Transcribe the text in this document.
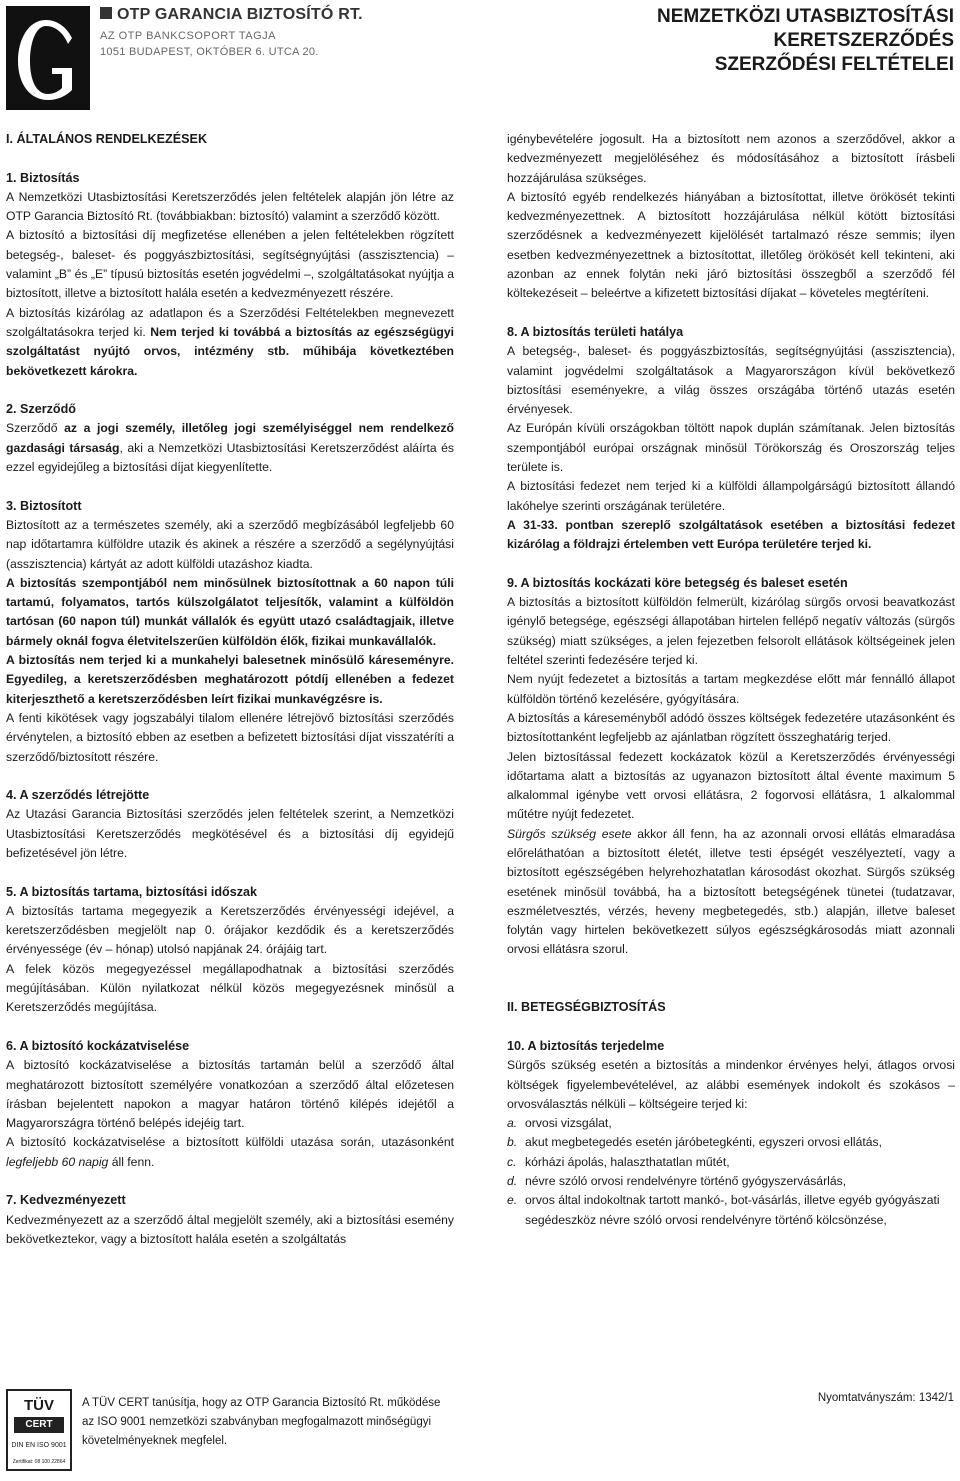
OTP GARANCIA BIZTOSÍTÓ RT.
AZ OTP BANKCSOPORT TAGJA
1051 BUDAPEST, OKTÓBER 6. UTCA 20.
NEMZETKÖZI UTASBIZTOSÍTÁSI
KERETSZERZŐDÉS
SZERZŐDÉSI FELTÉTELEI
I. ÁLTALÁNOS RENDELKEZÉSEK
1. Biztosítás

A Nemzetközi Utasbiztosítási Keretszerződés jelen feltételek alapján jön létre az OTP Garancia Biztosító Rt. (továbbiakban: biztosító) valamint a szerződő között.

A biztosító a biztosítási díj megfizetése ellenében a jelen feltételekben rögzített betegség-, baleset- és poggyászbiztosítási, segítségnyújtási (asszisztencia) – valamint „B” és „E” típusú biztosítás esetén jogvédelmi –, szolgáltatásokat nyújtja a biztosított, illetve a biztosított halála esetén a kedvezményezett részére.

A biztosítás kizárólag az adatlapon és a Szerződési Feltételekben megnevezett szolgáltatásokra terjed ki. Nem terjed ki továbbá a biztosítás az egészségügyi szolgáltatást nyújtó orvos, intézmény stb. műhibája következtében bekövetkezett károkra.

2. Szerződő

Szerződő az a jogi személy, illetőleg jogi személyiséggel nem rendelkező gazdasági társaság, aki a Nemzetközi Utasbiztosítási Keretszerződést aláírta és ezzel egyidejűleg a biztosítási díjat kiegyenlítette.

3. Biztosított

Biztosított az a természetes személy, aki a szerződő megbízásából legfeljebb 60 nap időtartamra külföldre utazik és akinek a részére a szerződő a segélynyújtási (asszisztencia) kártyát az adott külföldi utazáshoz kiadta.

A biztosítás szempontjából nem minősülnek biztosítottnak a 60 napon túli tartamú, folyamatos, tartós külszolgálatot teljesítők, valamint a külföldön tartósan (60 napon túl) munkát vállalók és együtt utazó családtagjaik, illetve bármely oknál fogva életvitelszerűen külföldön élők, fizikai munkavállalók.

A biztosítás nem terjed ki a munkahelyi balesetnek minősülő káreseményre. Egyedileg, a keretszerződésben meghatározott pótdíj ellenében a fedezet kiterjeszthető a keretszerződésben leírt fizikai munkavégzésre is.

A fenti kikötések vagy jogszabályi tilalom ellenére létrejövő biztosítási szerződés érvénytelen, a biztosító ebben az esetben a befizetett biztosítási díjat visszatéríti a szerződő/biztosított részére.

4. A szerződés létrejötte

Az Utazási Garancia Biztosítási szerződés jelen feltételek szerint, a Nemzetközi Utasbiztosítási Keretszerződés megkötésével és a biztosítási díj egyidejű befizetésével jön létre.

5. A biztosítás tartama, biztosítási időszak

A biztosítás tartama megegyezik a Keretszerződés érvényességi idejével, a keretszerződésben megjelölt nap 0. órájakor kezdődik és a keretszerződés érvényessége (év – hónap) utolsó napjának 24. órájáig tart.

A felek közös megegyezéssel megállapodhatnak a biztosítási szerződés megújításában. Külön nyilatkozat nélkül közös megegyezésnek minősül a Keretszerződés megújítása.

6. A biztosító kockázatviselése

A biztosító kockázatviselése a biztosítás tartamán belül a szerződő által meghatározott biztosított személyére vonatkozóan a szerződő által előzetesen írásban bejelentett napokon a magyar határon történő kilépés idejétől a Magyarországra történő belépés idejéig tart.

A biztosító kockázatviselése a biztosított külföldi utazása során, utazásonként legfeljebb 60 napig áll fenn.

7. Kedvezményezett

Kedvezményezett az a szerződő által megjelölt személy, aki a biztosítási esemény bekövetkeztekor, vagy a biztosított halála esetén a szolgáltatás

igénybevételére jogosult. Ha a biztosított nem azonos a szerződővel, akkor a kedvezményezett megjelöléséhez és módosításához a biztosított írásbeli hozzájárulása szükséges.

A biztosító egyéb rendelkezés hiányában a biztosítottat, illetve örökösét tekinti kedvezményezettnek. A biztosított hozzájárulása nélkül kötött biztosítási szerződésnek a kedvezményezett kijelölését tartalmazó része semmis; ilyen esetben kedvezményezettnek a biztosítottat, illetőleg örökösét kell tekinteni, aki azonban az ennek folytán neki járó biztosítási összegből a szerződő fél költekezéseit – beleértve a kifizetett biztosítási díjakat – követeles megtéríteni.

8. A biztosítás területi hatálya

A betegség-, baleset- és poggyászbiztosítás, segítségnyújtási (asszisztencia), valamint jogvédelmi szolgáltatások a Magyarországon kívül bekövetkező biztosítási eseményekre, a világ összes országába történő utazás esetén érvényesek.

Az Európán kívüli országokban töltött napok duplán számítanak. Jelen biztosítás szempontjából európai országnak minősül Törökország és Oroszország teljes területe is.

A biztosítási fedezet nem terjed ki a külföldi állampolgárságú biztosított állandó lakóhelye szerinti országának területére.

A 31-33. pontban szereplő szolgáltatások esetében a biztosítási fedezet kizárólag a földrajzi értelemben vett Európa területére terjed ki.

9. A biztosítás kockázati köre betegség és baleset esetén

A biztosítás a biztosított külföldön felmerült, kizárólag sürgős orvosi beavatkozást igénylő betegsége, egészségi állapotában hirtelen fellépő negatív változás (sürgős szükség) miatt szükséges, a jelen fejezetben felsorolt ellátások költségeinek jelen feltétel szerinti fedezésére terjed ki.

Nem nyújt fedezetet a biztosítás a tartam megkezdése előtt már fennálló állapot külföldön történő kezelésére, gyógyítására.

A biztosítás a káreseményből adódó összes költségek fedezetére utazásonként és biztosítottanként legfeljebb az ajánlatban rögzített összeghatárig terjed.

Jelen biztosítással fedezett kockázatok közül a Keretszerződés érvényességi időtartama alatt a biztosítás az ugyanazon biztosított által évente maximum 5 alkalommal igénybe vett orvosi ellátásra, 2 fogorvosi ellátásra, 1 alkalommal műtétre nyújt fedezetet.

Sürgős szükség esete akkor áll fenn, ha az azonnali orvosi ellátás elmaradása előreláthatóan a biztosított életét, illetve testi épségét veszélyeztetí, vagy a biztosított egészségében helyrehozhatatlan károsodást okozhat. Sürgős szükség esetének minősül továbbá, ha a biztosított betegségének tünetei (tudatzavar, eszméletvesztés, vérzés, heveny megbetegedés, stb.) alapján, illetve baleset folytán vagy hirtelen bekövetkezett súlyos egészségkárosodás miatt azonnali orvosi ellátásra szorul.

II. BETEGSÉGBIZTOSÍTÁS
10. A biztosítás terjedelme

Sürgős szükség esetén a biztosítás a mindenkor érvényes helyi, átlagos orvosi költségek figyelembevételével, az alábbi események indokolt és szokásos – orvosválasztás nélküli – költségeire terjed ki:

a. orvosi vizsgálat,
b. akut megbetegedés esetén járóbetegkénti, egyszeri orvosi ellátás,
c. kórházi ápolás, halaszthatatlan műtét,
d. névre szóló orvosi rendelvényre történő gyógyszervásárlás,
e. orvos által indokoltnak tartott mankó-, bot-vásárlás, illetve egyéb gyógyászati segédeszköz névre szóló orvosi rendelvényre történő kölcsönzése,
TÜV
CERT
DIN EN ISO 9001
Zertifikat: 08 100 22864
A TÜV CERT tanúsítja, hogy az OTP Garancia Biztosító Rt. működése az ISO 9001 nemzetközi szabványban megfogalmazott minőségügyi követelményeknek megfelel.
Nyomtatványszám: 1342/1
